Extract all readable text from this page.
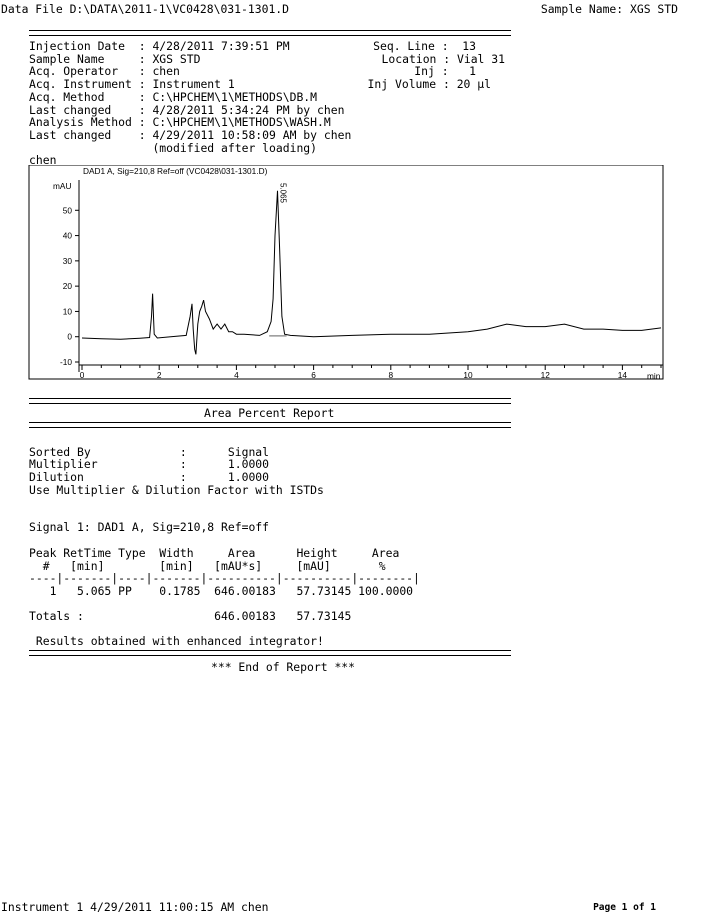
Data File D:\DATA\2011-1\VC0428\031-1301.D	Sample Name: XGS STD
Injection Date  : 4/28/2011 7:39:51 PM	Seq. Line :  13
Sample Name     : XGS STD	Location : Vial 31
Acq. Operator   : chen	Inj :   1
Acq. Instrument : Instrument 1	Inj Volume : 20 µl
Acq. Method     : C:\HPCHEM\1\METHODS\DB.M
Last changed    : 4/28/2011 5:34:24 PM by chen
Analysis Method : C:\HPCHEM\1\METHODS\WASH.M
Last changed    : 4/29/2011 10:58:09 AM by chen
(modified after loading)
chen
DAD1 A, Sig=210,8 Ref=off (VC0428\031-1301.D)
mAU
min
-10
0
10
20
30
40
50
0	2	4	6	8	10	12	14
5.065
Area Percent Report
Sorted By             :      Signal
Multiplier            :      1.0000
Dilution              :      1.0000
Use Multiplier & Dilution Factor with ISTDs
Signal 1: DAD1 A, Sig=210,8 Ref=off
Peak RetTime Type  Width     Area      Height     Area
#   [min]        [min]   [mAU*s]     [mAU]       %
----|-------|----|-------|----------|----------|--------|
1   5.065 PP    0.1785  646.00183   57.73145 100.0000
Totals :                   646.00183   57.73145
Results obtained with enhanced integrator!
*** End of Report ***
Instrument 1 4/29/2011 11:00:15 AM chen	Page 1 of 1
